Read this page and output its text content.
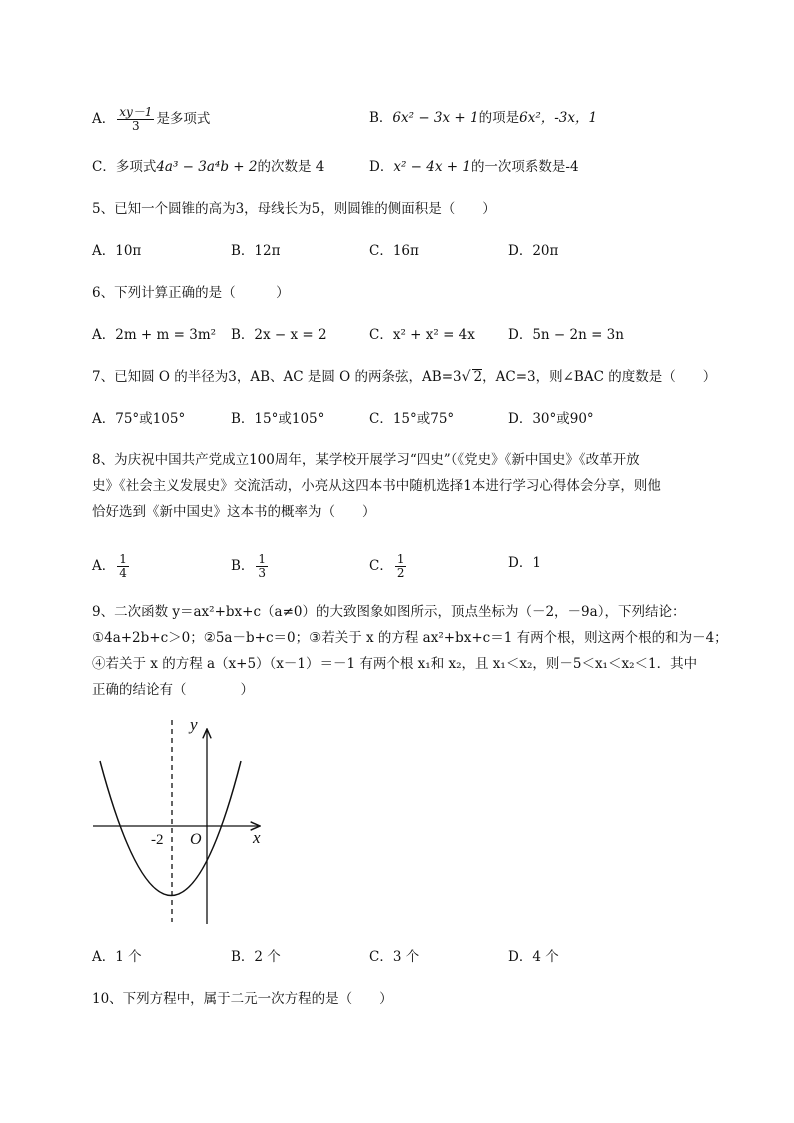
A． $\frac{xy-1}{3}$ 是多项式	B．6x² − 3x + 1的项是6x²，-3x，1
C．多项式4a³ − 3a⁴b + 2的次数是 4	D．x² − 4x + 1的一次项系数是-4
5、已知一个圆锥的高为3，母线长为5，则圆锥的侧面积是（　　）
A．10π	B．12π	C．16π	D．20π
6、下列计算正确的是（　　　）
A．2m + m = 3m² B．2x − x = 2	C．x² + x² = 4x D．5n − 2n = 3n
7、已知圆 O 的半径为3，AB、AC 是圆 O 的两条弦，AB=3√ 2，AC=3，则∠BAC 的度数是（　　）
A．75°或105°	B．15°或105°	C．15°或75°	D．30°或90°
8、为庆祝中国共产党成立100周年，某学校开展学习“四史”（《党史》《新中国史》《改革开放
史》《社会主义发展史》交流活动，小亮从这四本书中随机选择1本进行学习心得体会分享，则他
恰好选到《新中国史》这本书的概率为（　　）
A． $\frac{1}{4}$	B． $\frac{1}{3}$	C． $\frac{1}{2}$	D．1
9、二次函数 y＝ax²+bx+c（a≠0）的大致图象如图所示，顶点坐标为（－2，－9a），下列结论：
①4a+2b+c＞0；②5a－b+c＝0；③若关于 x 的方程 ax²+bx+c＝1 有两个根，则这两个根的和为－4；
④若关于 x 的方程 a（x+5）（x－1）＝－1 有两个根 x₁和 x₂，且 x₁＜x₂，则－5＜x₁＜x₂＜1．其中
正确的结论有（　　　　）
y
x
O
-2
A．1 个	B．2 个	C．3 个	D．4 个
10、下列方程中，属于二元一次方程的是（　　）
